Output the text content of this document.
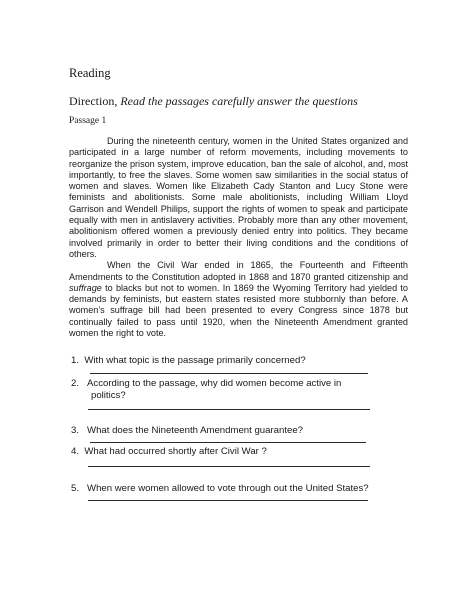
Reading
Direction, Read the passages carefully answer the questions
Passage 1

During the nineteenth century, women in the United States organized and participated in a large number of reform movements, including movements to reorganize the prison system, improve education, ban the sale of alcohol, and, most importantly, to free the slaves. Some women saw similarities in the social status of women and slaves. Women like Elizabeth Cady Stanton and Lucy Stone were feminists and abolitionists. Some male abolitionists, including William Lloyd Garrison and Wendell Philips, support the rights of women to speak and participate equally with men in antislavery activities. Probably more than any other movement, abolitionism offered women a previously denied entry into politics. They became involved primarily in order to better their living conditions and the conditions of others.

When the Civil War ended in 1865, the Fourteenth and Fifteenth Amendments to the Constitution adopted in 1868 and 1870 granted citizenship and suffrage to blacks but not to women. In 1869 the Wyoming Territory had yielded to demands by feminists, but eastern states resisted more stubbornly than before. A women’s suffrage bill had been presented to every Congress since 1878 but continually failed to pass until 1920, when the Nineteenth Amendment granted women the right to vote.

1. With what topic is the passage primarily concerned?
2. According to the passage, why did women become active in
politics?
3. What does the Nineteenth Amendment guarantee?
4. What had occurred shortly after Civil War ?
5. When were women allowed to vote through out the United States?
